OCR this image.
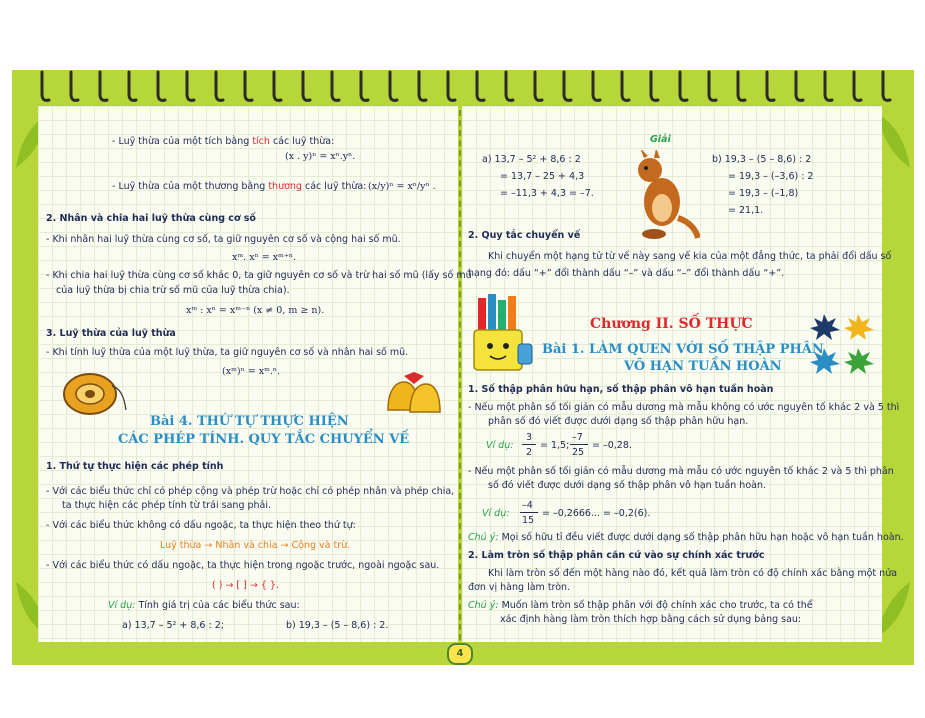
- Luỹ thừa của một tích bằng tích các luỹ thừa:
(x . y)ⁿ = xⁿ.yⁿ.
- Luỹ thừa của một thương bằng thương các luỹ thừa: (x/y)ⁿ = xⁿ/yⁿ .
2. Nhân và chia hai luỹ thừa cùng cơ số
- Khi nhân hai luỹ thừa cùng cơ số, ta giữ nguyên cơ số và cộng hai số mũ.
xᵐ. xⁿ = xᵐ⁺ⁿ.
- Khi chia hai luỹ thừa cùng cơ số khác 0, ta giữ nguyên cơ số và trừ hai số mũ (lấy số mũ
của luỹ thừa bị chia trừ số mũ của luỹ thừa chia).
xᵐ : xⁿ = xᵐ⁻ⁿ (x ≠ 0, m ≥ n).
3. Luỹ thừa của luỹ thừa
- Khi tính luỹ thừa của một luỹ thừa, ta giữ nguyên cơ số và nhân hai số mũ.
(xᵐ)ⁿ = xᵐ.ⁿ.
Bài 4. THỨ TỰ THỰC HIỆN
CÁC PHÉP TÍNH. QUY TẮC CHUYỂN VẾ
1. Thứ tự thực hiện các phép tính
- Với các biểu thức chỉ có phép cộng và phép trừ hoặc chỉ có phép nhân và phép chia,
ta thực hiện các phép tính từ trái sang phải.
- Với các biểu thức không có dấu ngoặc, ta thực hiện theo thứ tự:
Luỹ thừa → Nhân và chia → Cộng và trừ.
- Với các biểu thức có dấu ngoặc, ta thực hiện trong ngoặc trước, ngoài ngoặc sau.
( ) → [ ] → { }.
Ví dụ: Tính giá trị của các biểu thức sau:
a) 13,7 – 5² + 8,6 : 2;	b) 19,3 – (5 – 8,6) : 2.
Giải
a) 13,7 – 5² + 8,6 : 2
= 13,7 – 25 + 4,3
= –11,3 + 4,3 = –7.
b) 19,3 – (5 – 8,6) : 2
= 19,3 – (–3,6) : 2
= 19,3 – (–1,8)
= 21,1.
2. Quy tắc chuyển vế
Khi chuyển một hạng tử từ vế này sang vế kia của một đẳng thức, ta phải đổi dấu số
hạng đó: dấu “+” đổi thành dấu “–” và dấu “–” đổi thành dấu “+”.
Chương II. SỐ THỰC
Bài 1. LÀM QUEN VỚI SỐ THẬP PHÂN
VÔ HẠN TUẦN HOÀN
1. Số thập phân hữu hạn, số thập phân vô hạn tuần hoàn
- Nếu một phân số tối giản có mẫu dương mà mẫu không có ước nguyên tố khác 2 và 5 thì
phân số đó viết được dưới dạng số thập phân hữu hạn.
Ví dụ:
3
2
= 1,5;
–7
25
= –0,28.
- Nếu một phân số tối giản có mẫu dương mà mẫu có ước nguyên tố khác 2 và 5 thì phân
số đó viết được dưới dạng số thập phân vô hạn tuần hoàn.
Ví dụ:
–4
15
= –0,2666... = –0,2(6).
Chú ý: Mọi số hữu tỉ đều viết được dưới dạng số thập phân hữu hạn hoặc vô hạn tuần hoàn.
2. Làm tròn số thập phân căn cứ vào sự chính xác trước
Khi làm tròn số đến một hàng nào đó, kết quả làm tròn có độ chính xác bằng một nửa
đơn vị hàng làm tròn.
Chú ý: Muốn làm tròn số thập phân với độ chính xác cho trước, ta có thể
xác định hàng làm tròn thích hợp bằng cách sử dụng bảng sau:
4
